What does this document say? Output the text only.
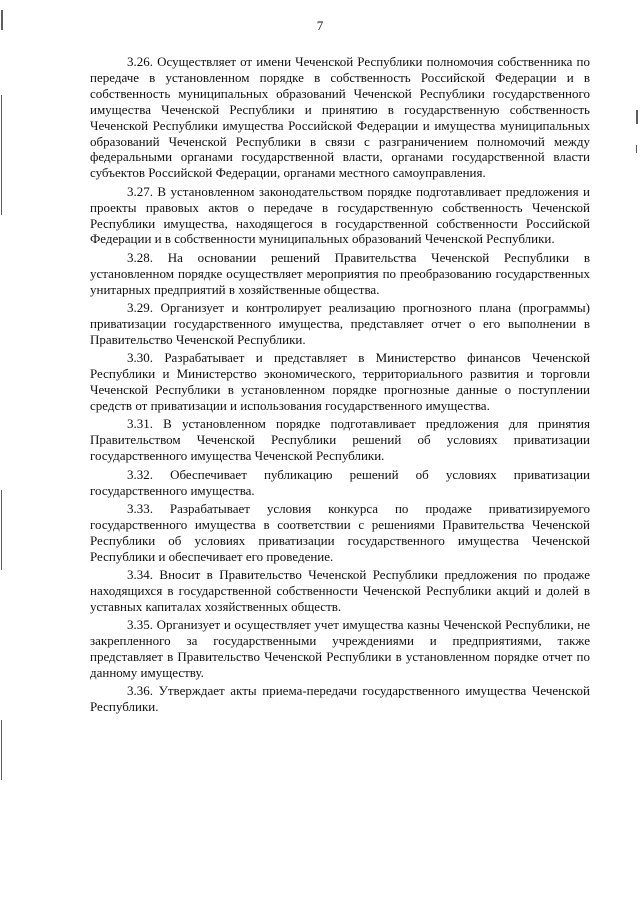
7

3.26. Осуществляет от имени Чеченской Республики полномочия собственника по передаче в установленном порядке в собственность Российской Федерации и в собственность муниципальных образований Чеченской Республики государственного имущества Чеченской Республики и принятию в государственную собственность Чеченской Республики имущества Российской Федерации и имущества муниципальных образований Чеченской Республики в связи с разграничением полномочий между федеральными органами государственной власти, органами государственной власти субъектов Российской Федерации, органами местного самоуправления.

3.27. В установленном законодательством порядке подготавливает предложения и проекты правовых актов о передаче в государственную собственность Чеченской Республики имущества, находящегося в государственной собственности Российской Федерации и в собственности муниципальных образований Чеченской Республики.

3.28. На основании решений Правительства Чеченской Республики в установленном порядке осуществляет мероприятия по преобразованию государственных унитарных предприятий в хозяйственные общества.

3.29. Организует и контролирует реализацию прогнозного плана (программы) приватизации государственного имущества, представляет отчет о его выполнении в Правительство Чеченской Республики.

3.30. Разрабатывает и представляет в Министерство финансов Чеченской Республики и Министерство экономического, территориального развития и торговли Чеченской Республики в установленном порядке прогнозные данные о поступлении средств от приватизации и использования государственного имущества.

3.31. В установленном порядке подготавливает предложения для принятия Правительством Чеченской Республики решений об условиях приватизации государственного имущества Чеченской Республики.

3.32. Обеспечивает публикацию решений об условиях приватизации государственного имущества.

3.33. Разрабатывает условия конкурса по продаже приватизируемого государственного имущества в соответствии с решениями Правительства Чеченской Республики об условиях приватизации государственного имущества Чеченской Республики и обеспечивает его проведение.

3.34. Вносит в Правительство Чеченской Республики предложения по продаже находящихся в государственной собственности Чеченской Республики акций и долей в уставных капиталах хозяйственных обществ.

3.35. Организует и осуществляет учет имущества казны Чеченской Республики, не закрепленного за государственными учреждениями и предприятиями, также представляет в Правительство Чеченской Республики в установленном порядке отчет по данному имуществу.

3.36. Утверждает акты приема-передачи государственного имущества Чеченской Республики.
